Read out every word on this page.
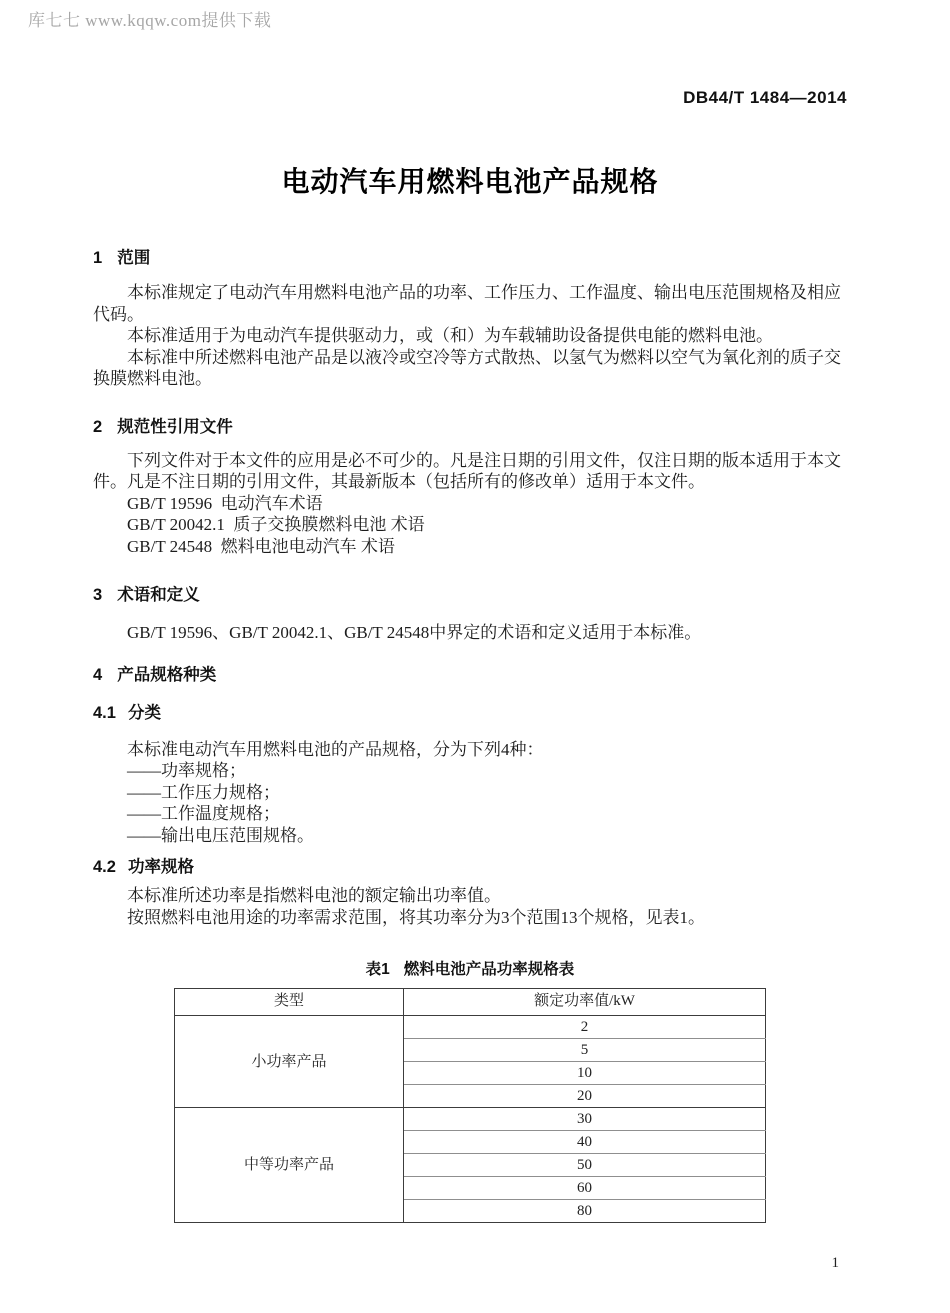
库七七 www.kqqw.com提供下载
DB44/T 1484—2014
电动汽车用燃料电池产品规格
1 范围

本标准规定了电动汽车用燃料电池产品的功率、工作压力、工作温度、输出电压范围规格及相应代码。

本标准适用于为电动汽车提供驱动力，或（和）为车载辅助设备提供电能的燃料电池。

本标准中所述燃料电池产品是以液冷或空冷等方式散热、以氢气为燃料以空气为氧化剂的质子交换膜燃料电池。

2 规范性引用文件

下列文件对于本文件的应用是必不可少的。凡是注日期的引用文件，仅注日期的版本适用于本文件。凡是不注日期的引用文件，其最新版本（包括所有的修改单）适用于本文件。

GB/T 19596  电动汽车术语

GB/T 20042.1  质子交换膜燃料电池 术语

GB/T 24548  燃料电池电动汽车 术语

3 术语和定义

GB/T 19596、GB/T 20042.1、GB/T 24548中界定的术语和定义适用于本标准。

4 产品规格种类
4.1 分类

本标准电动汽车用燃料电池的产品规格，分为下列4种：

——功率规格；

——工作压力规格；

——工作温度规格；

——输出电压范围规格。

4.2 功率规格

本标准所述功率是指燃料电池的额定输出功率值。

按照燃料电池用途的功率需求范围，将其功率分为3个范围13个规格，见表1。

表1 燃料电池产品功率规格表
类型	额定功率值/kW
小功率产品	2
	5
	10
	20
中等功率产品	30
	40
	50
	60
	80
1
